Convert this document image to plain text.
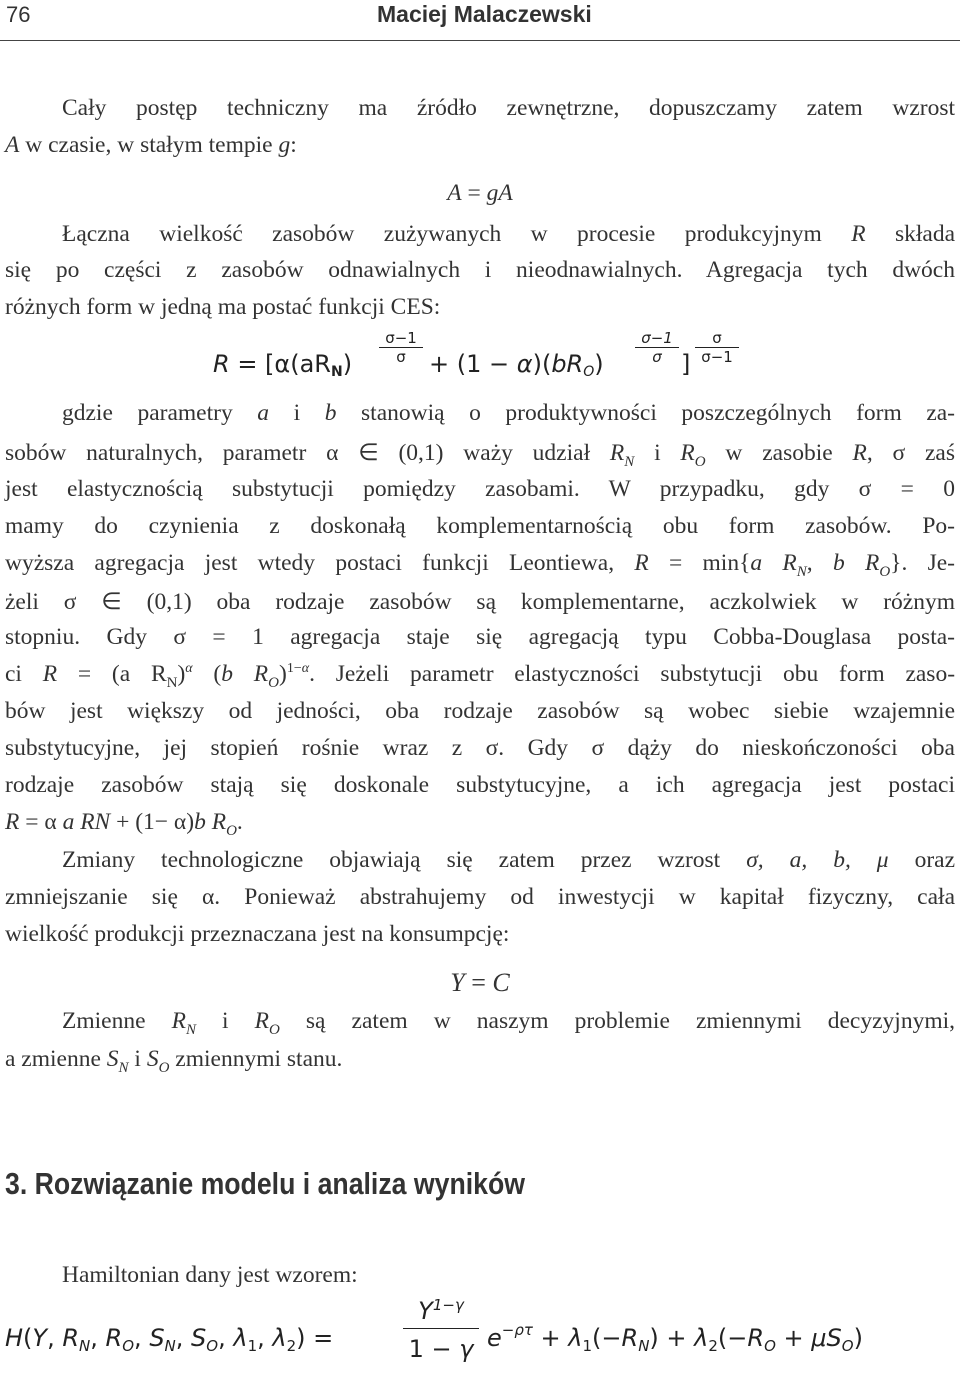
76	Maciej Malaczewski
Cały postęp techniczny ma źródło zewnętrzne, dopuszczamy zatem wzrost
A w czasie, w stałym tempie g:
A = gA
Łączna wielkość zasobów zużywanych w procesie produkcyjnym R składa
się po części z zasobów odnawialnych i nieodnawialnych. Agregacja tych dwóch
różnych form w jedną ma postać funkcji CES:
$R = [\alpha(aR_N)$
σ−1
$\sigma + (1 - \alpha)(bR_O)$
σ−1
σ ]
σ
σ−1
gdzie parametry a i b stanowią o produktywności poszczególnych form za-
sobów naturalnych, parametr α ∈ (0,1) waży udział $R_N$ i $R_O$ w zasobie R, σ zaś
jest elastycznością substytucji pomiędzy zasobami. W przypadku, gdy σ = 0
mamy do czynienia z doskonałą komplementarnością obu form zasobów. Po-
wyższa agregacja jest wtedy postaci funkcji Leontiewa, R = min{a $R_N$, b $R_O$}. Je-
żeli σ ∈ (0,1) oba rodzaje zasobów są komplementarne, aczkolwiek w różnym
stopniu. Gdy σ = 1 agregacja staje się agregacją typu Cobba-Douglasa posta-
ci R = (a $R_N)^\alpha$ (b $R_O)^{1-\alpha}$. Jeżeli parametr elastyczności substytucji obu form zaso-
bów jest większy od jedności, oba rodzaje zasobów są wobec siebie wzajemnie
substytucyjne, jej stopień rośnie wraz z σ. Gdy σ dąży do nieskończoności oba
rodzaje zasobów stają się doskonale substytucyjne, a ich agregacja jest postaci
R = α a RN + (1− α)b $R_O$.
Zmiany technologiczne objawiają się zatem przez wzrost σ, a, b, μ oraz
zmniejszanie się α. Ponieważ abstrahujemy od inwestycji w kapitał fizyczny, cała
wielkość produkcji przeznaczana jest na konsumpcję:
Y = C
Zmienne $R_N$ i $R_O$ są zatem w naszym problemie zmiennymi decyzyjnymi,
a zmienne $S_N$ i $S_O$ zmiennymi stanu.
Hamiltonian dany jest wzorem:
H(Y, $R_N$, $R_O$, $S_N$, $S_O$, $\lambda_1$, $\lambda_2$) =
$Y^{1-\gamma}$
1 − γ $e^{-\rho\tau} + \lambda_1(-R_N) + \lambda_2(-R_O + \mu S_O)$
3. Rozwiązanie modelu i analiza wyników
